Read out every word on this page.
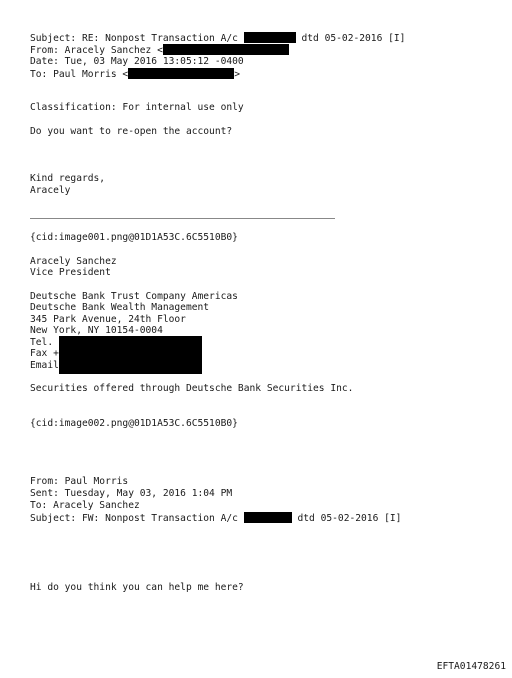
Subject: RE: Nonpost Transaction A/c	dtd 05-02-2016 [I]
From: Aracely Sanchez <
Date: Tue, 03 May 2016 13:05:12 -0400
To: Paul Morris <	>
Classification: For internal use only
Do you want to re-open the account?
Kind regards,
Aracely
{cid:image001.png@01D1A53C.6C5510B0}
Aracely Sanchez
Vice President
Deutsche Bank Trust Company Americas
Deutsche Bank Wealth Management
345 Park Avenue, 24th Floor
New York, NY 10154-0004
Tel.
Fax +
Email
Securities offered through Deutsche Bank Securities Inc.
{cid:image002.png@01D1A53C.6C5510B0}
From: Paul Morris
Sent: Tuesday, May 03, 2016 1:04 PM
To: Aracely Sanchez
Subject: FW: Nonpost Transaction A/c	dtd 05-02-2016 [I]
Hi do you think you can help me here?
EFTA01478261
